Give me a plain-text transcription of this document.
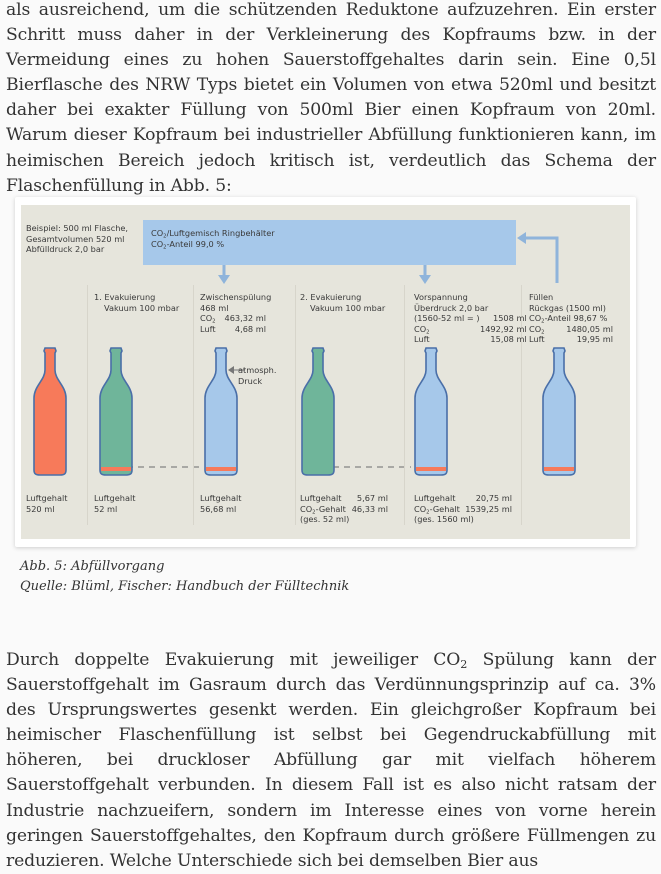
als ausreichend, um die schützenden Reduktone aufzuzehren. Ein erster Schritt muss daher in der Verkleinerung des Kopfraums bzw. in der Vermeidung eines zu hohen Sauerstoffgehaltes darin sein. Eine 0,5l Bierflasche des NRW Typs bietet ein Volumen von etwa 520ml und besitzt daher bei exakter Füllung von 500ml Bier einen Kopfraum von 20ml. Warum dieser Kopfraum bei industrieller Abfüllung funktionieren kann, im heimischen Bereich jedoch kritisch ist, verdeutlich das Schema der Flaschenfüllung in Abb. 5:

Beispiel: 500 ml Flasche,
Gesamtvolumen 520 ml
Abfülldruck 2,0 bar
$CO_2$/Luftgemisch Ringbehälter
$CO_2$-Anteil 99,0 %
1. Evakuierung
Vakuum 100 mbar
Zwischenspülung
468 ml
$CO_2$	463,32 ml
Luft	4,68 ml
2. Evakuierung
Vakuum 100 mbar
Vorspannung
Überdruck 2,0 bar
(1560-52 ml = )	1508 ml
$CO_2$	1492,92 ml
Luft	15,08 ml
Füllen
Rückgas (1500 ml)
$CO_2$-Anteil 98,67 %
$CO_2$	1480,05 ml
Luft	19,95 ml
atmosph.
Druck
Luftgehalt
520 ml
Luftgehalt
52 ml
Luftgehalt
56,68 ml
Luftgehalt	5,67 ml
$CO_2$-Gehalt	46,33 ml
(ges. 52 ml)	
Luftgehalt	20,75 ml
$CO_2$-Gehalt	1539,25 ml
(ges. 1560 ml)	
Abb. 5: Abfüllvorgang
Quelle: Blüml, Fischer: Handbuch der Fülltechnik

Durch doppelte Evakuierung mit jeweiliger $CO_2$ Spülung kann der Sauerstoffgehalt im Gasraum durch das Verdünnungsprinzip auf ca. 3% des Ursprungswertes gesenkt werden. Ein gleichgroßer Kopfraum bei heimischer Flaschenfüllung ist selbst bei Gegendruckabfüllung mit höheren, bei druckloser Abfüllung gar mit vielfach höherem Sauerstoffgehalt verbunden. In diesem Fall ist es also nicht ratsam der Industrie nachzueifern, sondern im Interesse eines von vorne herein geringen Sauerstoffgehaltes, den Kopfraum durch größere Füllmengen zu reduzieren. Welche Unterschiede sich bei demselben Bier aus
